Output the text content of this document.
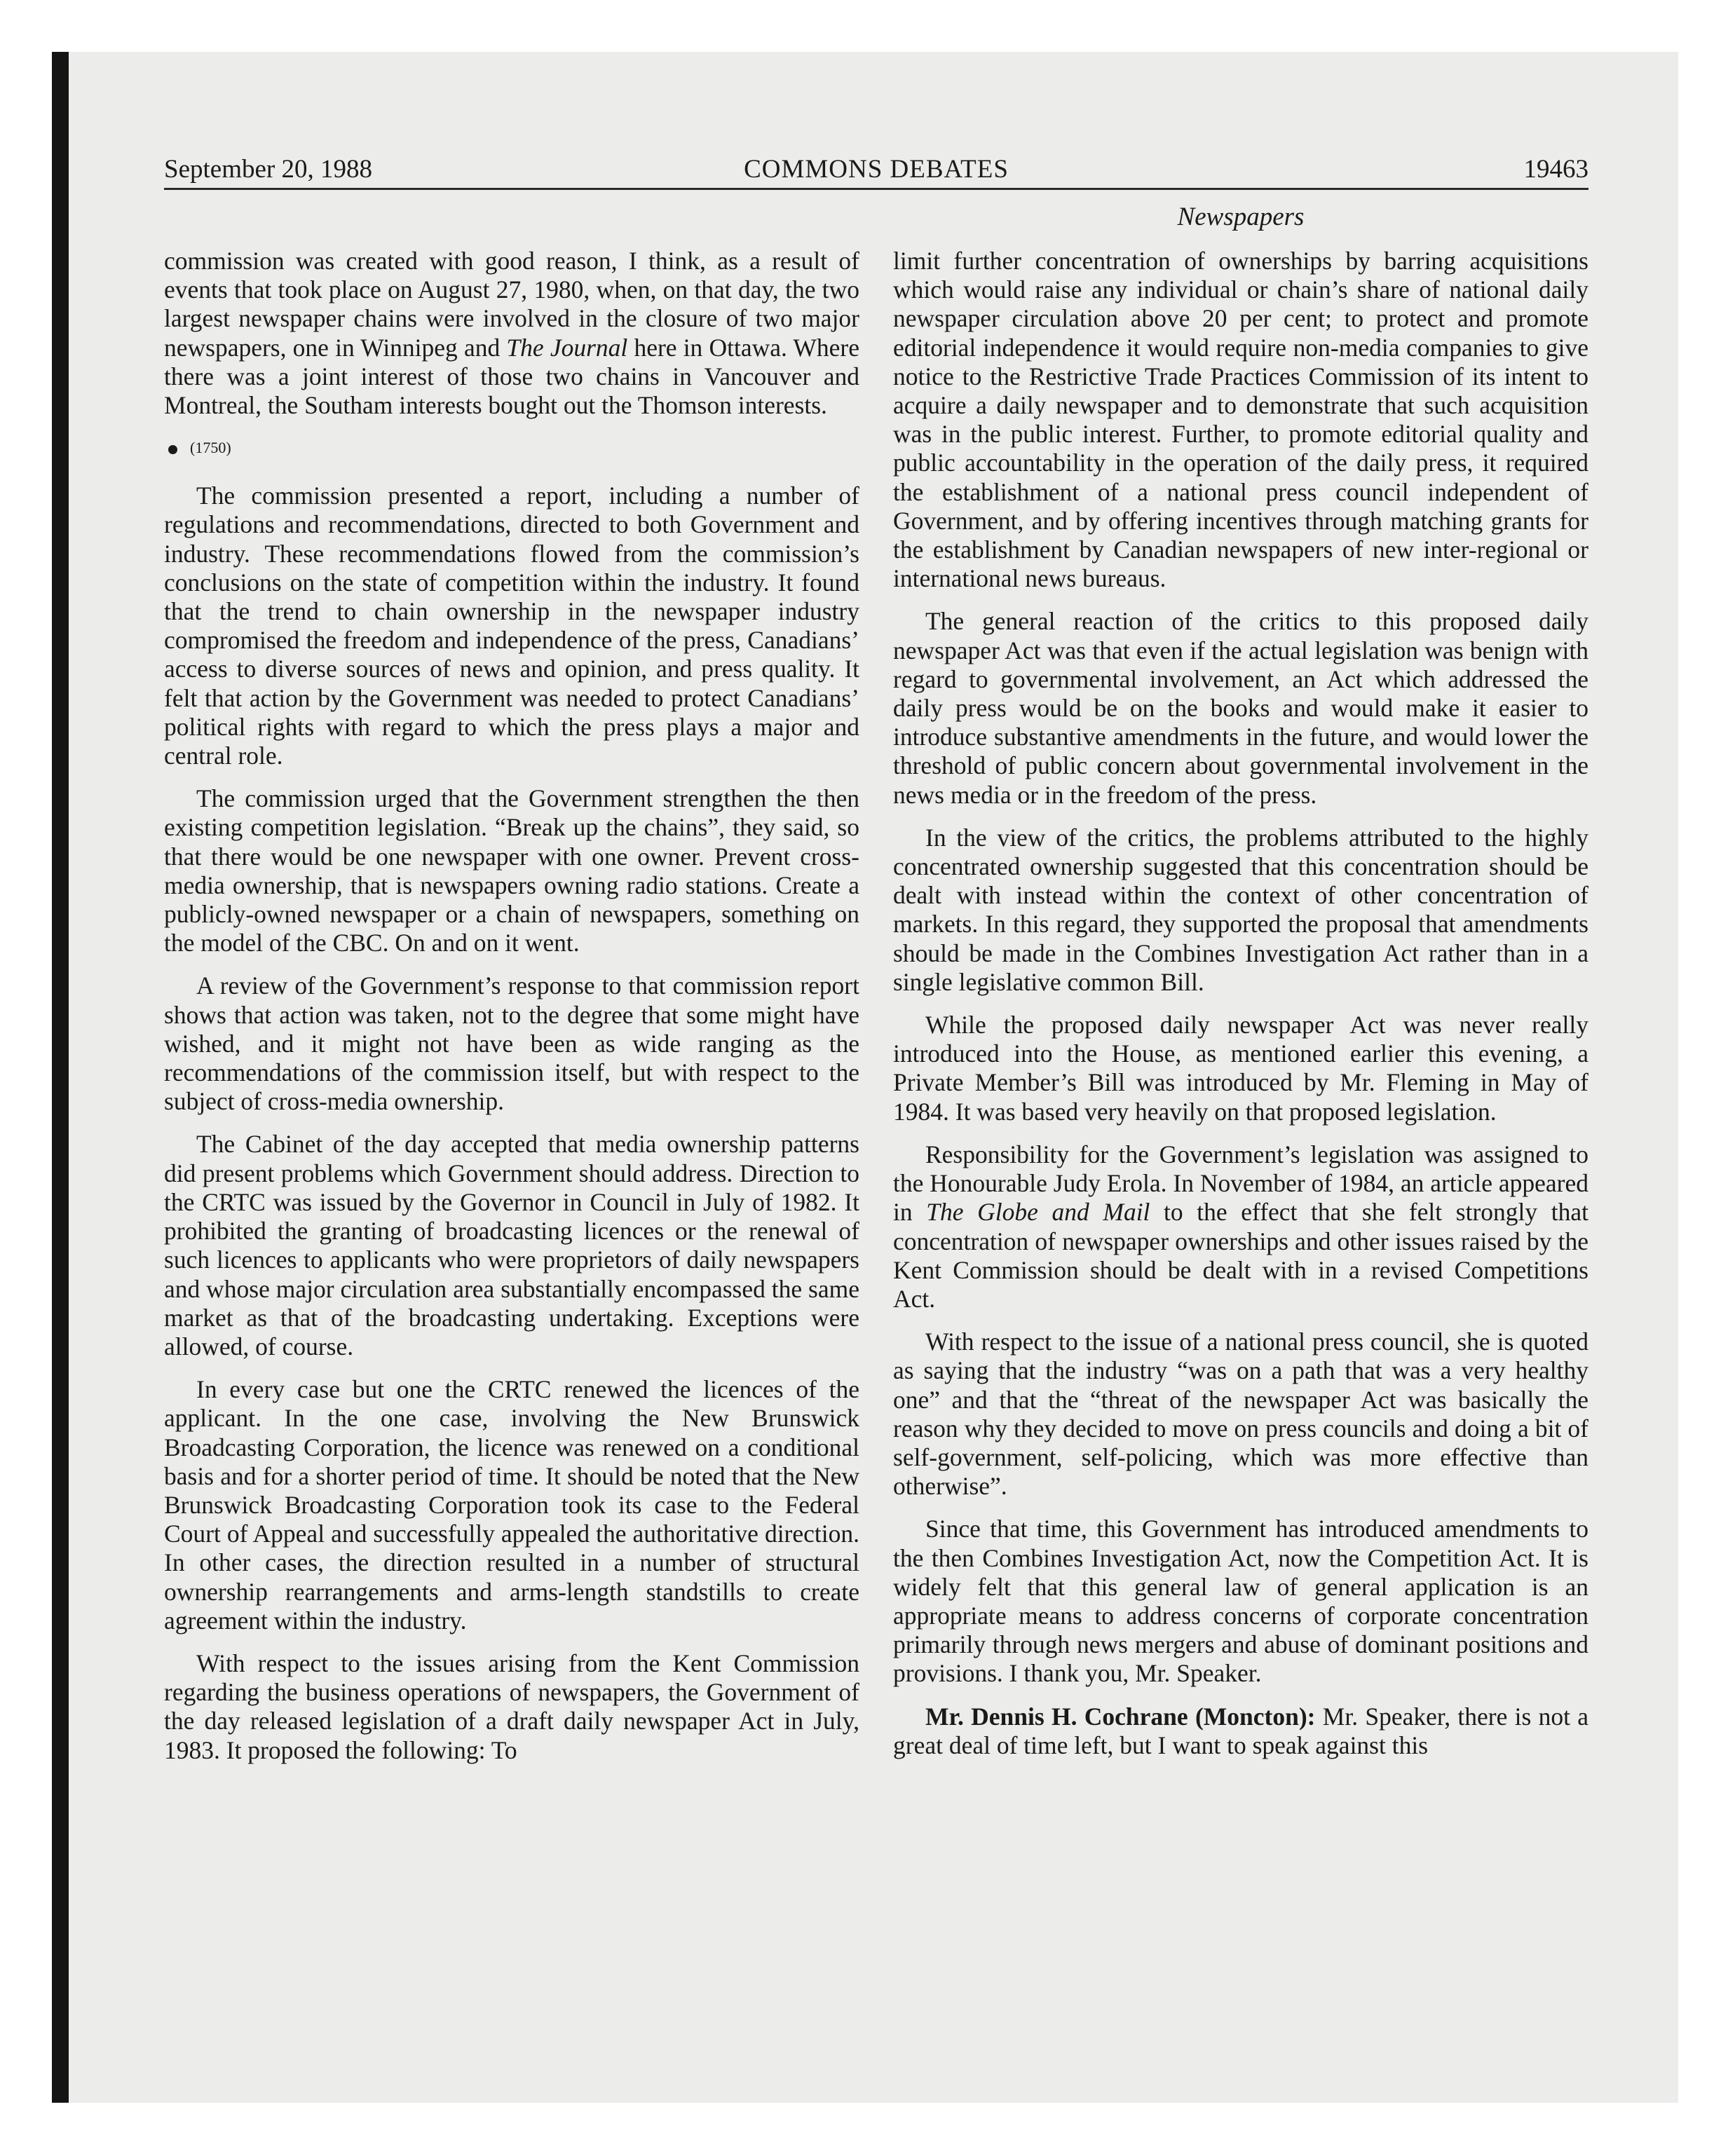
September 20, 1988	COMMONS DEBATES	19463
Newspapers

commission was created with good reason, I think, as a result of events that took place on August 27, 1980, when, on that day, the two largest newspaper chains were involved in the closure of two major newspapers, one in Winnipeg and The Journal here in Ottawa. Where there was a joint interest of those two chains in Vancouver and Montreal, the Southam interests bought out the Thomson interests.

(1750)

The commission presented a report, including a number of regulations and recommendations, directed to both Government and industry. These recommendations flowed from the commission’s conclusions on the state of competition within the industry. It found that the trend to chain ownership in the newspaper industry compromised the freedom and independence of the press, Canadians’ access to diverse sources of news and opinion, and press quality. It felt that action by the Government was needed to protect Canadians’ political rights with regard to which the press plays a major and central role.

The commission urged that the Government strengthen the then existing competition legislation. “Break up the chains”, they said, so that there would be one newspaper with one owner. Prevent cross-media ownership, that is newspapers owning radio stations. Create a publicly-owned newspaper or a chain of newspapers, something on the model of the CBC. On and on it went.

A review of the Government’s response to that commission report shows that action was taken, not to the degree that some might have wished, and it might not have been as wide ranging as the recommendations of the commission itself, but with respect to the subject of cross-media ownership.

The Cabinet of the day accepted that media ownership patterns did present problems which Government should address. Direction to the CRTC was issued by the Governor in Council in July of 1982. It prohibited the granting of broadcasting licences or the renewal of such licences to applicants who were proprietors of daily newspapers and whose major circulation area substantially encompassed the same market as that of the broadcasting undertaking. Exceptions were allowed, of course.

In every case but one the CRTC renewed the licences of the applicant. In the one case, involving the New Brunswick Broadcasting Corporation, the licence was renewed on a conditional basis and for a shorter period of time. It should be noted that the New Brunswick Broadcasting Corporation took its case to the Federal Court of Appeal and successfully appealed the authoritative direction. In other cases, the direction resulted in a number of structural ownership rearrangements and arms-length standstills to create agreement within the industry.

With respect to the issues arising from the Kent Commission regarding the business operations of newspapers, the Government of the day released legislation of a draft daily newspaper Act in July, 1983. It proposed the following: To

limit further concentration of ownerships by barring acquisitions which would raise any individual or chain’s share of national daily newspaper circulation above 20 per cent; to protect and promote editorial independence it would require non-media companies to give notice to the Restrictive Trade Practices Commission of its intent to acquire a daily newspaper and to demonstrate that such acquisition was in the public interest. Further, to promote editorial quality and public accountability in the operation of the daily press, it required the establishment of a national press council independent of Government, and by offering incentives through matching grants for the establishment by Canadian newspapers of new inter-regional or international news bureaus.

The general reaction of the critics to this proposed daily newspaper Act was that even if the actual legislation was benign with regard to governmental involvement, an Act which addressed the daily press would be on the books and would make it easier to introduce substantive amendments in the future, and would lower the threshold of public concern about governmental involvement in the news media or in the freedom of the press.

In the view of the critics, the problems attributed to the highly concentrated ownership suggested that this concentration should be dealt with instead within the context of other concentration of markets. In this regard, they supported the proposal that amendments should be made in the Combines Investigation Act rather than in a single legislative common Bill.

While the proposed daily newspaper Act was never really introduced into the House, as mentioned earlier this evening, a Private Member’s Bill was introduced by Mr. Fleming in May of 1984. It was based very heavily on that proposed legislation.

Responsibility for the Government’s legislation was assigned to the Honourable Judy Erola. In November of 1984, an article appeared in The Globe and Mail to the effect that she felt strongly that concentration of newspaper ownerships and other issues raised by the Kent Commission should be dealt with in a revised Competitions Act.

With respect to the issue of a national press council, she is quoted as saying that the industry “was on a path that was a very healthy one” and that the “threat of the newspaper Act was basically the reason why they decided to move on press councils and doing a bit of self-government, self-policing, which was more effective than otherwise”.

Since that time, this Government has introduced amendments to the then Combines Investigation Act, now the Competition Act. It is widely felt that this general law of general application is an appropriate means to address concerns of corporate concentration primarily through news mergers and abuse of dominant positions and provisions. I thank you, Mr. Speaker.

Mr. Dennis H. Cochrane (Moncton): Mr. Speaker, there is not a great deal of time left, but I want to speak against this
